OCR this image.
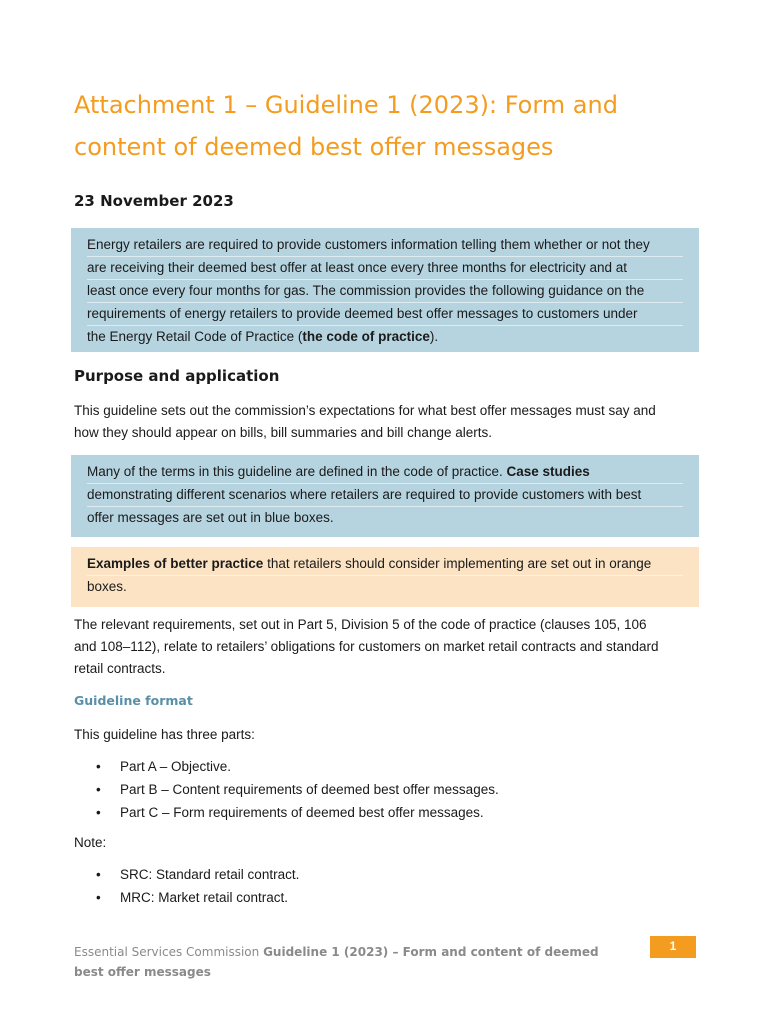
Attachment 1 – Guideline 1 (2023): Form and content of deemed best offer messages
23 November 2023
Energy retailers are required to provide customers information telling them whether or not they
are receiving their deemed best offer at least once every three months for electricity and at
least once every four months for gas. The commission provides the following guidance on the
requirements of energy retailers to provide deemed best offer messages to customers under
the Energy Retail Code of Practice (the code of practice).
Purpose and application
This guideline sets out the commission’s expectations for what best offer messages must say and
how they should appear on bills, bill summaries and bill change alerts.
Many of the terms in this guideline are defined in the code of practice. Case studies
demonstrating different scenarios where retailers are required to provide customers with best
offer messages are set out in blue boxes.
Examples of better practice that retailers should consider implementing are set out in orange
boxes.
The relevant requirements, set out in Part 5, Division 5 of the code of practice (clauses 105, 106
and 108–112), relate to retailers’ obligations for customers on market retail contracts and standard
retail contracts.
Guideline format
This guideline has three parts:
• Part A – Objective.
• Part B – Content requirements of deemed best offer messages.
• Part C – Form requirements of deemed best offer messages.
Note:
• SRC: Standard retail contract.
• MRC: Market retail contract.
Essential Services Commission Guideline 1 (2023) – Form and content of deemed
best offer messages
1
